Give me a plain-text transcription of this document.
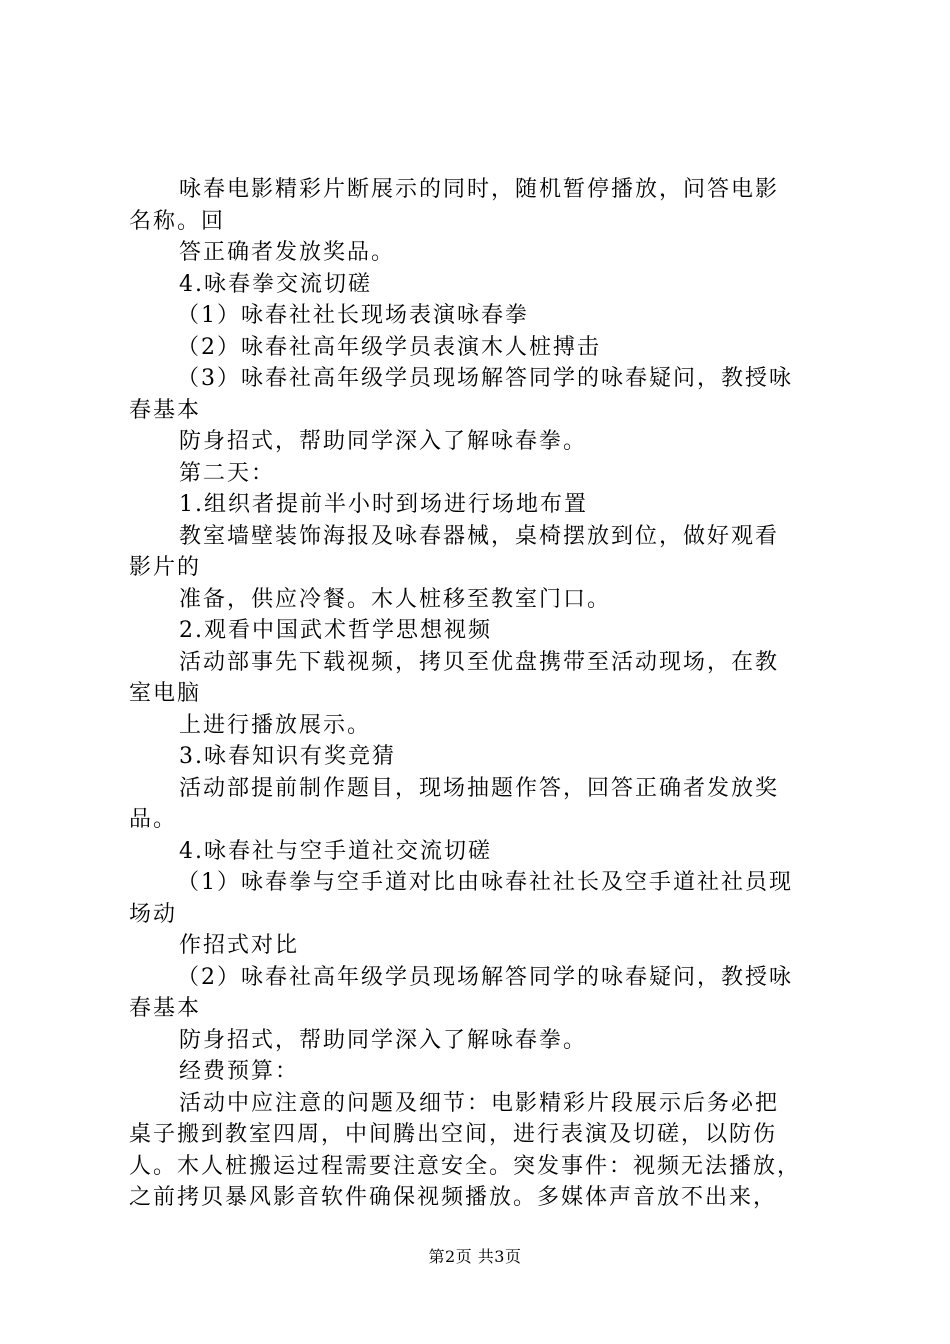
咏春电影精彩片断展示的同时，随机暂停播放，问答电影
名称。回
答正确者发放奖品。
4.咏春拳交流切磋
（1）咏春社社长现场表演咏春拳
（2）咏春社高年级学员表演木人桩搏击
（3）咏春社高年级学员现场解答同学的咏春疑问，教授咏
春基本
防身招式，帮助同学深入了解咏春拳。
第二天：
1.组织者提前半小时到场进行场地布置
教室墙壁装饰海报及咏春器械，桌椅摆放到位，做好观看
影片的
准备，供应冷餐。木人桩移至教室门口。
2.观看中国武术哲学思想视频
活动部事先下载视频，拷贝至优盘携带至活动现场，在教
室电脑
上进行播放展示。
3.咏春知识有奖竞猜
活动部提前制作题目，现场抽题作答，回答正确者发放奖
品。
4.咏春社与空手道社交流切磋
（1）咏春拳与空手道对比由咏春社社长及空手道社社员现
场动
作招式对比
（2）咏春社高年级学员现场解答同学的咏春疑问，教授咏
春基本
防身招式，帮助同学深入了解咏春拳。
经费预算：
活动中应注意的问题及细节：电影精彩片段展示后务必把
桌子搬到教室四周，中间腾出空间，进行表演及切磋，以防伤
人。木人桩搬运过程需要注意安全。突发事件：视频无法播放，
之前拷贝暴风影音软件确保视频播放。多媒体声音放不出来，
第2页 共3页
